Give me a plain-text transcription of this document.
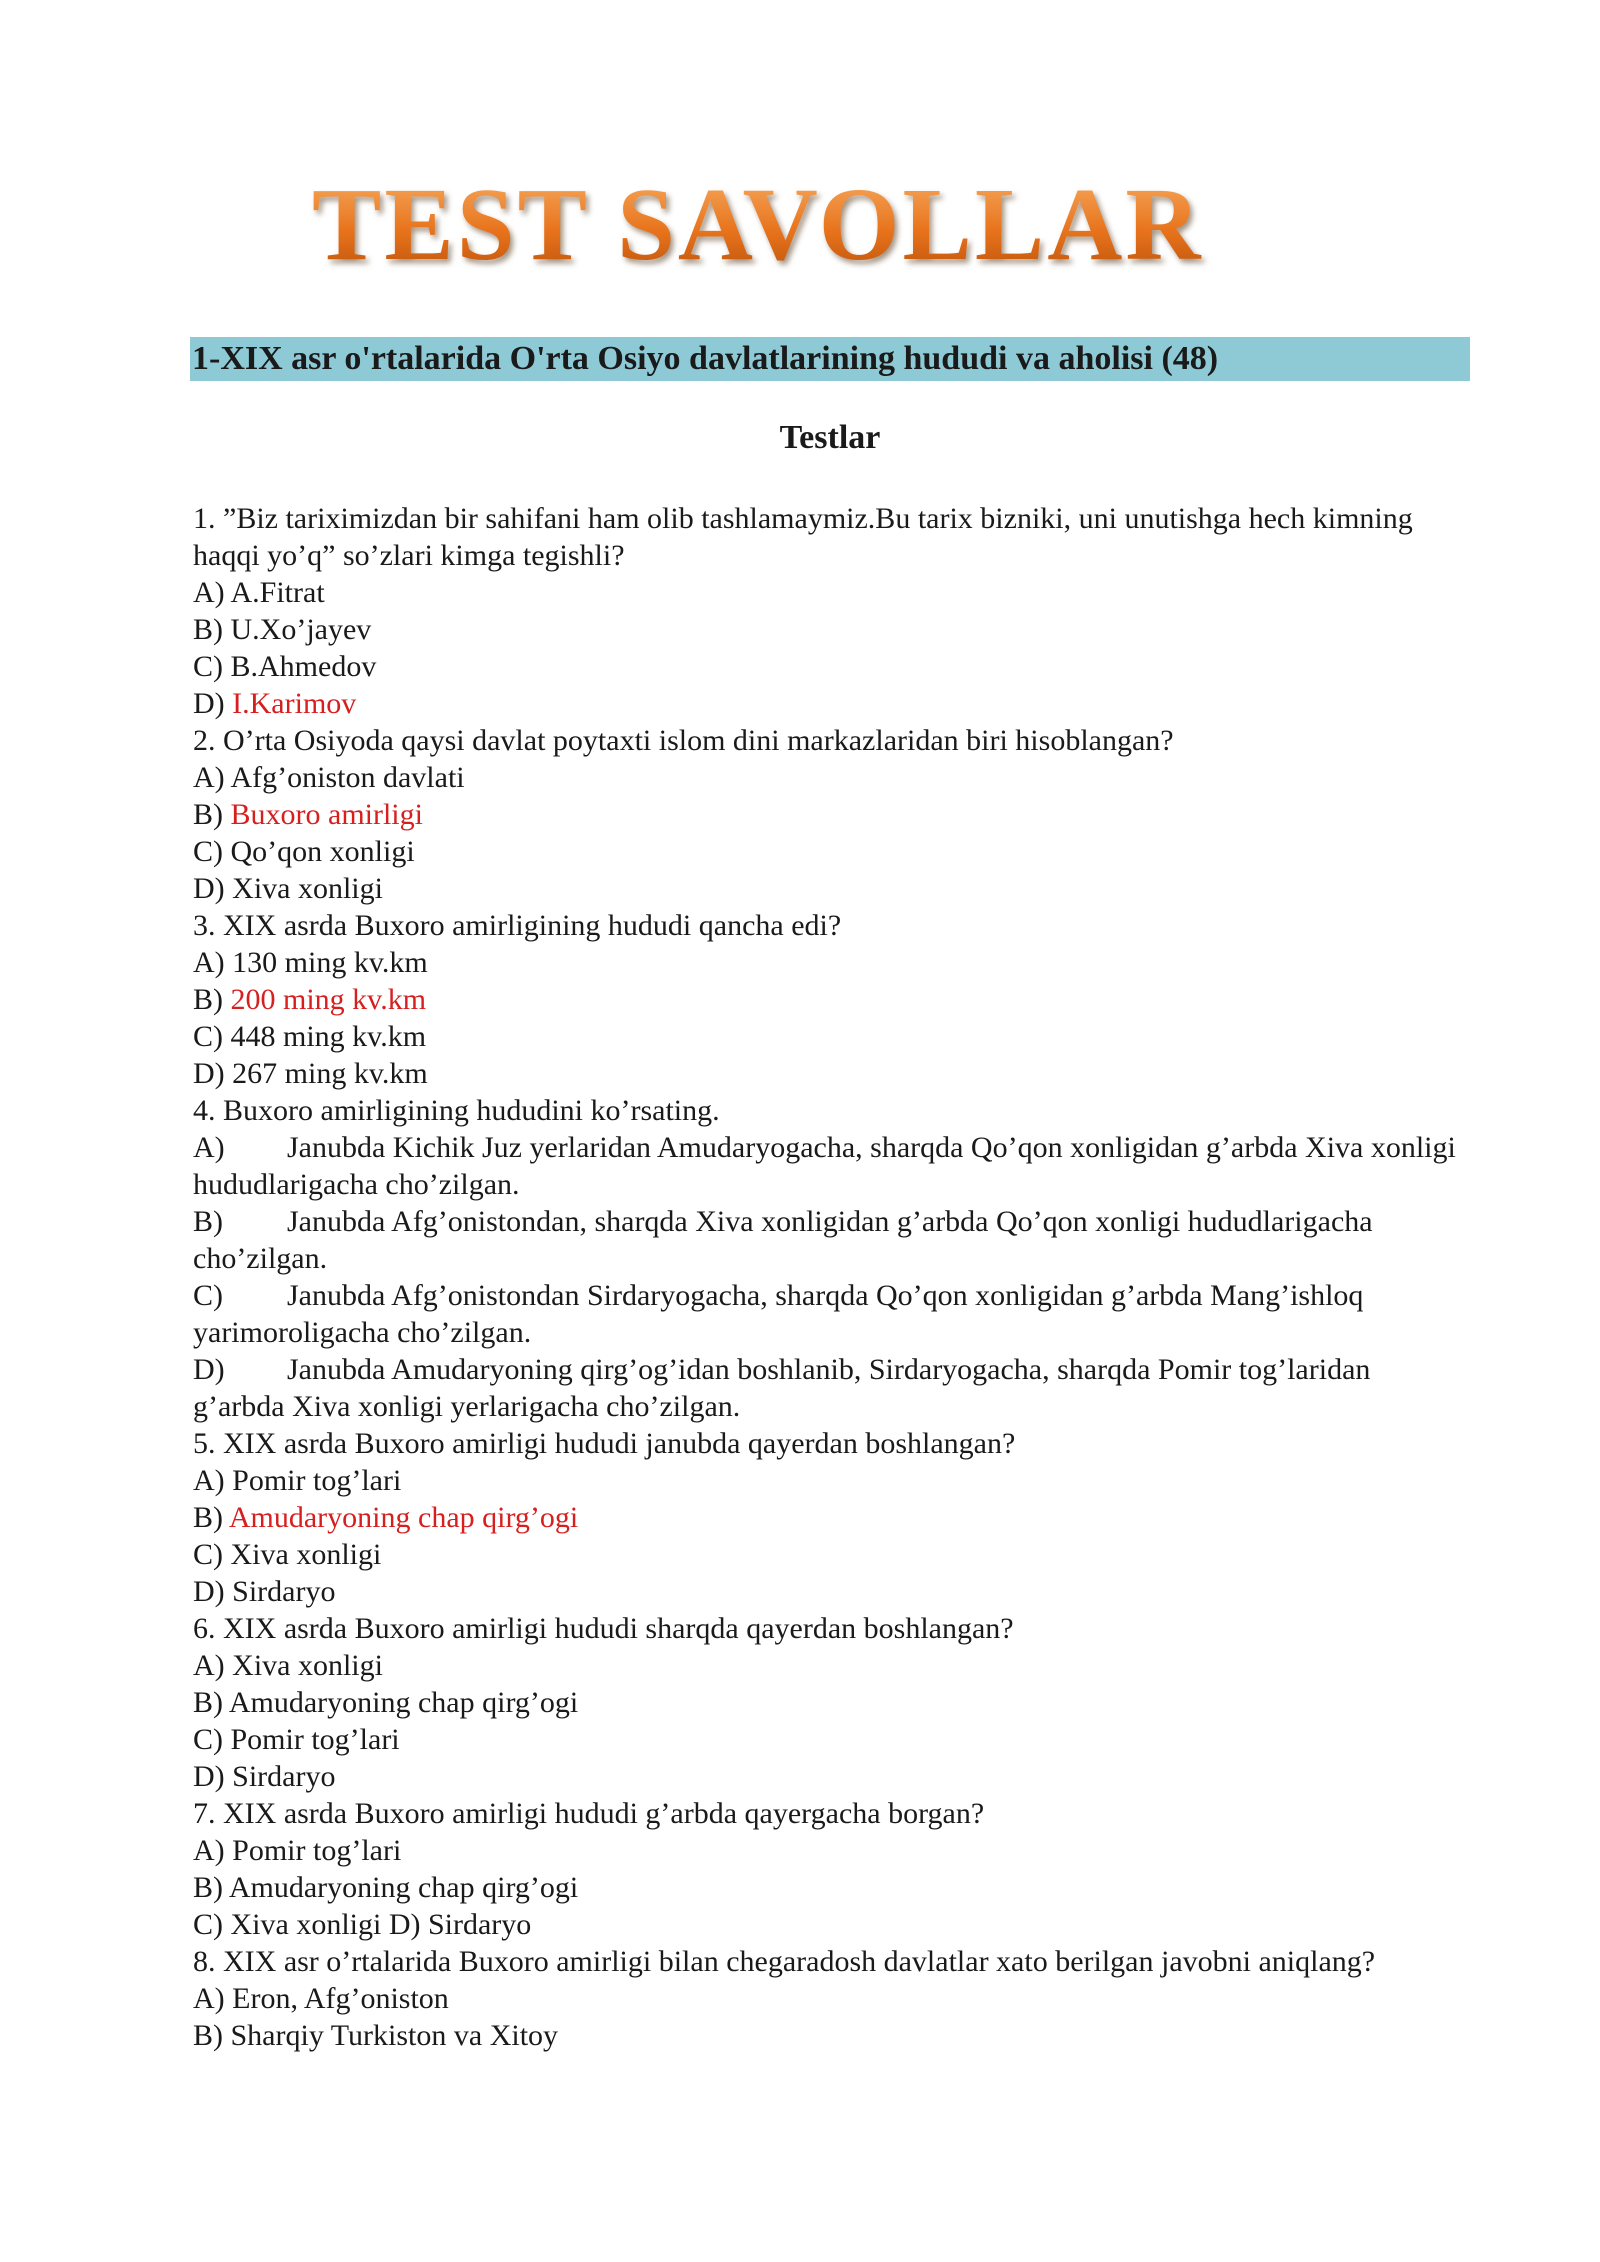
TEST SAVOLLAR
1-XIX asr o'rtalarida O'rta Osiyo davlatlarining hududi va aholisi (48)
Testlar
1. ”Biz tariximizdan bir sahifani ham olib tashlamaymiz.Bu tarix bizniki, uni unutishga hech kimning haqqi yo’q” so’zlari kimga tegishli?
A) A.Fitrat
B) U.Xo’jayev
C) B.Ahmedov
D) I.Karimov
2. O’rta Osiyoda qaysi davlat poytaxti islom dini markazlaridan biri hisoblangan?
A) Afg’oniston davlati
B) Buxoro amirligi
C) Qo’qon xonligi
D) Xiva xonligi
3. XIX asrda Buxoro amirligining hududi qancha edi?
A) 130 ming kv.km
B) 200 ming kv.km
C) 448 ming kv.km
D) 267 ming kv.km
4. Buxoro amirligining hududini ko’rsating.
A) Janubda Kichik Juz yerlaridan Amudaryogacha, sharqda Qo’qon xonligidan g’arbda Xiva xonligi hududlarigacha cho’zilgan.
B) Janubda Afg’onistondan, sharqda Xiva xonligidan g’arbda Qo’qon xonligi hududlarigacha cho’zilgan.
C) Janubda Afg’onistondan Sirdaryogacha, sharqda Qo’qon xonligidan g’arbda Mang’ishloq yarimoroligacha cho’zilgan.
D) Janubda Amudaryoning qirg’og’idan boshlanib, Sirdaryogacha, sharqda Pomir tog’laridan g’arbda Xiva xonligi yerlarigacha cho’zilgan.
5. XIX asrda Buxoro amirligi hududi janubda qayerdan boshlangan?
A) Pomir tog’lari
B) Amudaryoning chap qirg’ogi
C) Xiva xonligi
D) Sirdaryo
6. XIX asrda Buxoro amirligi hududi sharqda qayerdan boshlangan?
A) Xiva xonligi
B) Amudaryoning chap qirg’ogi
C) Pomir tog’lari
D) Sirdaryo
7. XIX asrda Buxoro amirligi hududi g’arbda qayergacha borgan?
A) Pomir tog’lari
B) Amudaryoning chap qirg’ogi
C) Xiva xonligi D) Sirdaryo
8. XIX asr o’rtalarida Buxoro amirligi bilan chegaradosh davlatlar xato berilgan javobni aniqlang?
A) Eron, Afg’oniston
B) Sharqiy Turkiston va Xitoy
